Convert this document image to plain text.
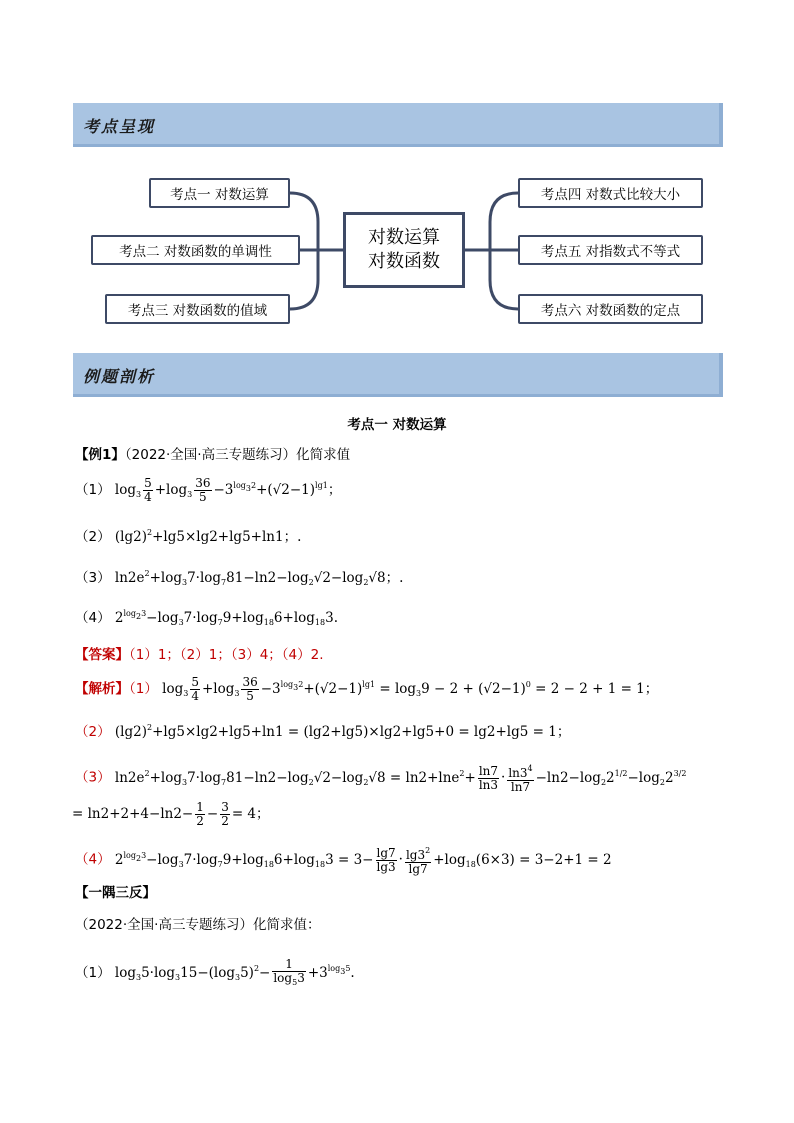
考点呈现
对数运算
对数函数
考点一 对数运算
考点二 对数函数的单调性
考点三 对数函数的值域
考点四 对数式比较大小
考点五 对指数式不等式
考点六 对数函数的定点
例题剖析
考点一 对数运算
【例1】（2022·全国·高三专题练习）化简求值
（1） $\log_3 \frac{5}{4} +\log_3 \frac{36}{5} -3^{log_32}+(√2-1)^{lg1}$；
（2） $(\lg 2)^2+\lg 5\times\lg 2+\lg 5+\ln 1$；.
（3） $\ln 2e^2+\log_37\cdot\log_781-\ln 2-\log_2√2-\log_2√8$；.
（4） $2^{log_23}-\log_37\cdot\log_79+\log_{18}6+\log_{18}3$.
【答案】（1）1；（2）1；（3）4；（4）2.
【解析】（1） $\log_3 \frac{5}{4} +\log_3 \frac{36}{5} -3^{log_32}+(√2-1)^{lg1} = \log_39 - 2 + (√2-1)^0 = 2 - 2 + 1 = 1$；
（2） $(\lg 2)^2+\lg 5\times\lg 2+\lg 5+\ln 1 = (\lg 2+\lg 5)\times\lg 2+\lg 5+0 = \lg 2+\lg 5 = 1$；
（3） $\ln 2e^2+\log_37\cdot\log_781-\ln 2-\log_2√2-\log_2√8 = \ln 2+\ln e^2+ \frac{\ln 7}{\ln 3} \cdot \frac{\ln 3^4}{\ln 7} -\ln 2-\log_22^{1/2}-\log_22^{3/2}$
= $\ln 2+2+4-\ln 2- \frac{1}{2} - \frac{3}{2} = 4$；
（4） $2^{log_23}-\log_37\cdot\log_79+\log_{18}6+\log_{18}3 = 3- \frac{\lg 7}{\lg 3} \cdot \frac{\lg 3^2}{\lg 7} +\log_{18}(6\times 3) = 3-2+1 = 2$
【一隅三反】
（2022·全国·高三专题练习）化简求值：
（1） $\log_35\cdot\log_315-(\log_35)^2- \frac{1}{\log_53} +3^{log_35}$.
